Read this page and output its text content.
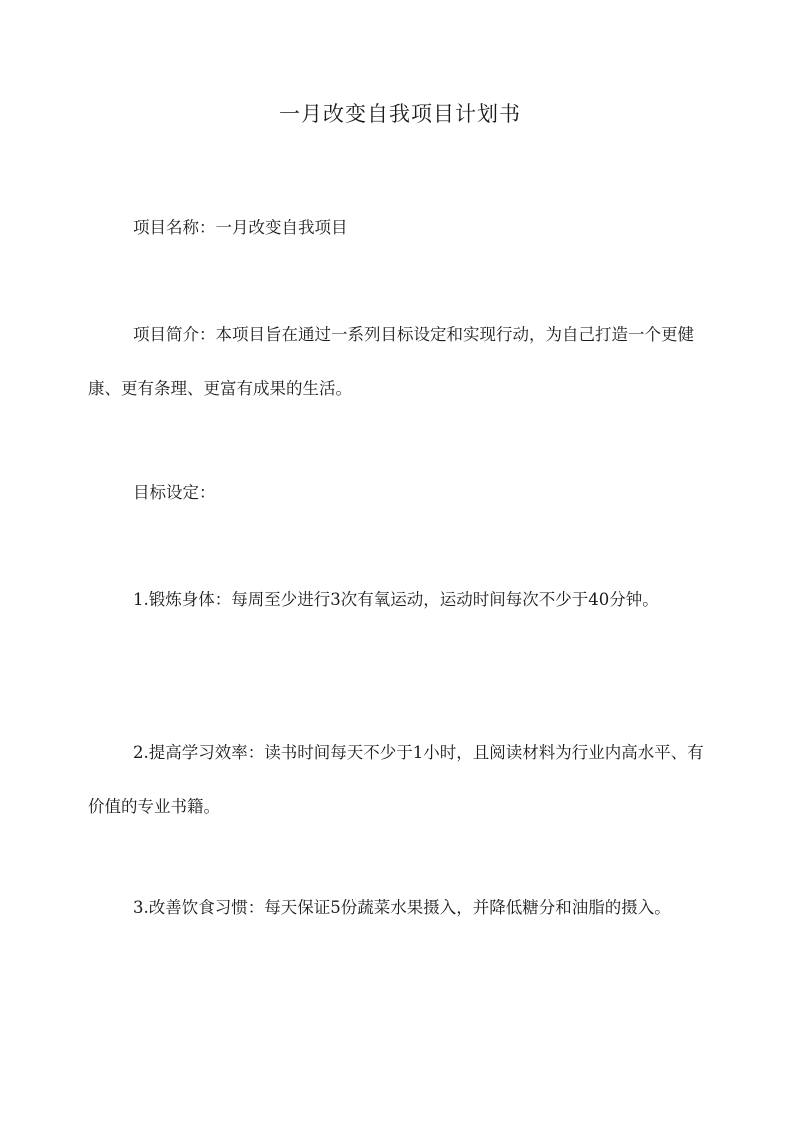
一月改变自我项目计划书

项目名称：一月改变自我项目

项目简介：本项目旨在通过一系列目标设定和实现行动，为自己打造一个更健康、更有条理、更富有成果的生活。

目标设定：

1.锻炼身体：每周至少进行3次有氧运动，运动时间每次不少于40分钟。

2.提高学习效率：读书时间每天不少于1小时，且阅读材料为行业内高水平、有价值的专业书籍。

3.改善饮食习惯：每天保证5份蔬菜水果摄入，并降低糖分和油脂的摄入。
